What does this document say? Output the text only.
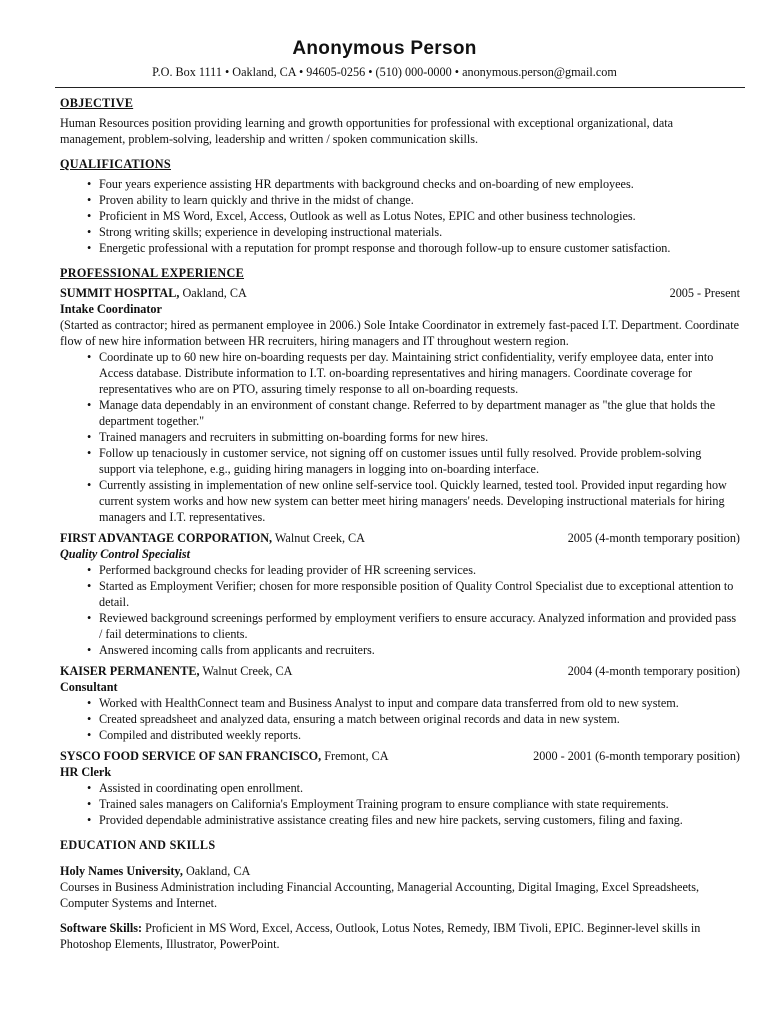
Anonymous Person
P.O. Box 1111 • Oakland, CA • 94605-0256 • (510) 000-0000 • anonymous.person@gmail.com
OBJECTIVE

Human Resources position providing learning and growth opportunities for professional with exceptional organizational, data management, problem-solving, leadership and written / spoken communication skills.

QUALIFICATIONS
• Four years experience assisting HR departments with background checks and on-boarding of new employees.
• Proven ability to learn quickly and thrive in the midst of change.
• Proficient in MS Word, Excel, Access, Outlook as well as Lotus Notes, EPIC and other business technologies.
• Strong writing skills; experience in developing instructional materials.
• Energetic professional with a reputation for prompt response and thorough follow-up to ensure customer satisfaction.
PROFESSIONAL EXPERIENCE
SUMMIT HOSPITAL, Oakland, CA	2005 - Present
Intake Coordinator

(Started as contractor; hired as permanent employee in 2006.) Sole Intake Coordinator in extremely fast-paced I.T. Department. Coordinate flow of new hire information between HR recruiters, hiring managers and IT throughout western region.

• Coordinate up to 60 new hire on-boarding requests per day. Maintaining strict confidentiality, verify employee data, enter into Access database. Distribute information to I.T. on-boarding representatives and hiring managers. Coordinate coverage for representatives who are on PTO, assuring timely response to all on-boarding requests.
• Manage data dependably in an environment of constant change. Referred to by department manager as "the glue that holds the department together."
• Trained managers and recruiters in submitting on-boarding forms for new hires.
• Follow up tenaciously in customer service, not signing off on customer issues until fully resolved. Provide problem-solving support via telephone, e.g., guiding hiring managers in logging into on-boarding interface.
• Currently assisting in implementation of new online self-service tool. Quickly learned, tested tool. Provided input regarding how current system works and how new system can better meet hiring managers' needs. Developing instructional materials for hiring managers and I.T. representatives.
FIRST ADVANTAGE CORPORATION, Walnut Creek, CA	2005 (4-month temporary position)
Quality Control Specialist
• Performed background checks for leading provider of HR screening services.
• Started as Employment Verifier; chosen for more responsible position of Quality Control Specialist due to exceptional attention to detail.
• Reviewed background screenings performed by employment verifiers to ensure accuracy. Analyzed information and provided pass / fail determinations to clients.
• Answered incoming calls from applicants and recruiters.
KAISER PERMANENTE, Walnut Creek, CA	2004 (4-month temporary position)
Consultant
• Worked with HealthConnect team and Business Analyst to input and compare data transferred from old to new system.
• Created spreadsheet and analyzed data, ensuring a match between original records and data in new system.
• Compiled and distributed weekly reports.
SYSCO FOOD SERVICE OF SAN FRANCISCO, Fremont, CA	2000 - 2001 (6-month temporary position)
HR Clerk
• Assisted in coordinating open enrollment.
• Trained sales managers on California's Employment Training program to ensure compliance with state requirements.
• Provided dependable administrative assistance creating files and new hire packets, serving customers, filing and faxing.
EDUCATION AND SKILLS
Holy Names University, Oakland, CA

Courses in Business Administration including Financial Accounting, Managerial Accounting, Digital Imaging, Excel Spreadsheets, Computer Systems and Internet.

Software Skills: Proficient in MS Word, Excel, Access, Outlook, Lotus Notes, Remedy, IBM Tivoli, EPIC. Beginner-level skills in Photoshop Elements, Illustrator, PowerPoint.
